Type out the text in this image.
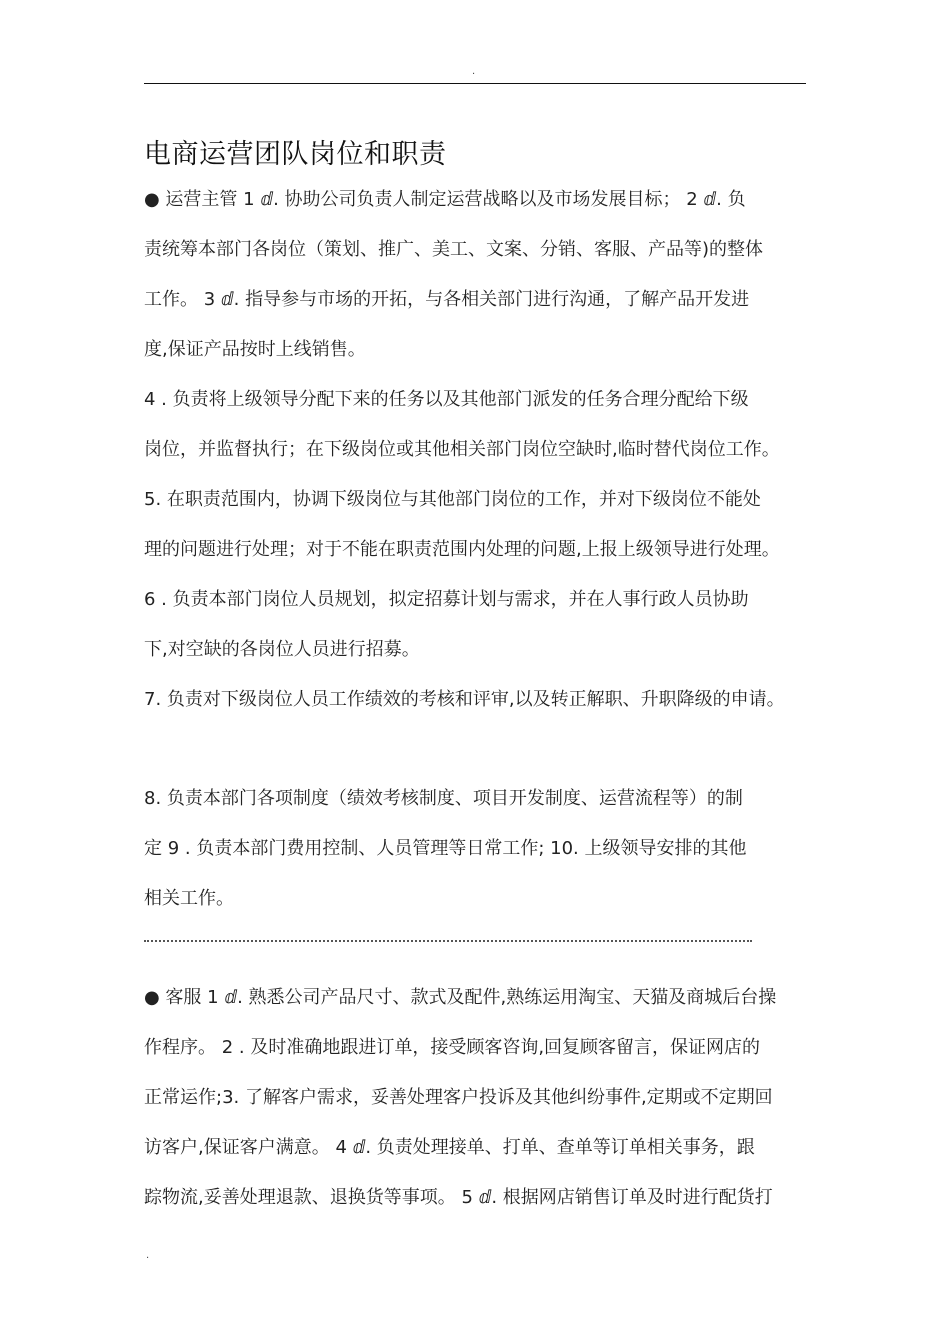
.
电商运营团队岗位和职责
● 运营主管 1 ⅆ. 协助公司负责人制定运营战略以及市场发展目标； 2 ⅆ. 负
责统筹本部门各岗位（策划、推广、美工、文案、分销、客服、产品等)的整体
工作。 3 ⅆ. 指导参与市场的开拓，与各相关部门进行沟通，了解产品开发进
度,保证产品按时上线销售。
4 . 负责将上级领导分配下来的任务以及其他部门派发的任务合理分配给下级
岗位，并监督执行；在下级岗位或其他相关部门岗位空缺时,临时替代岗位工作。
5. 在职责范围内，协调下级岗位与其他部门岗位的工作，并对下级岗位不能处
理的问题进行处理；对于不能在职责范围内处理的问题,上报上级领导进行处理。
6 . 负责本部门岗位人员规划，拟定招募计划与需求，并在人事行政人员协助
下,对空缺的各岗位人员进行招募。
7. 负责对下级岗位人员工作绩效的考核和评审,以及转正解职、升职降级的申请。
8. 负责本部门各项制度（绩效考核制度、项目开发制度、运营流程等）的制
定 9 . 负责本部门费用控制、人员管理等日常工作; 10. 上级领导安排的其他
相关工作。
● 客服 1 ⅆ. 熟悉公司产品尺寸、款式及配件,熟练运用淘宝、天猫及商城后台操
作程序。 2 . 及时准确地跟进订单，接受顾客咨询,回复顾客留言，保证网店的
正常运作;3. 了解客户需求，妥善处理客户投诉及其他纠纷事件,定期或不定期回
访客户,保证客户满意。 4 ⅆ. 负责处理接单、打单、查单等订单相关事务，跟
踪物流,妥善处理退款、退换货等事项。 5 ⅆ. 根据网店销售订单及时进行配货打
.
